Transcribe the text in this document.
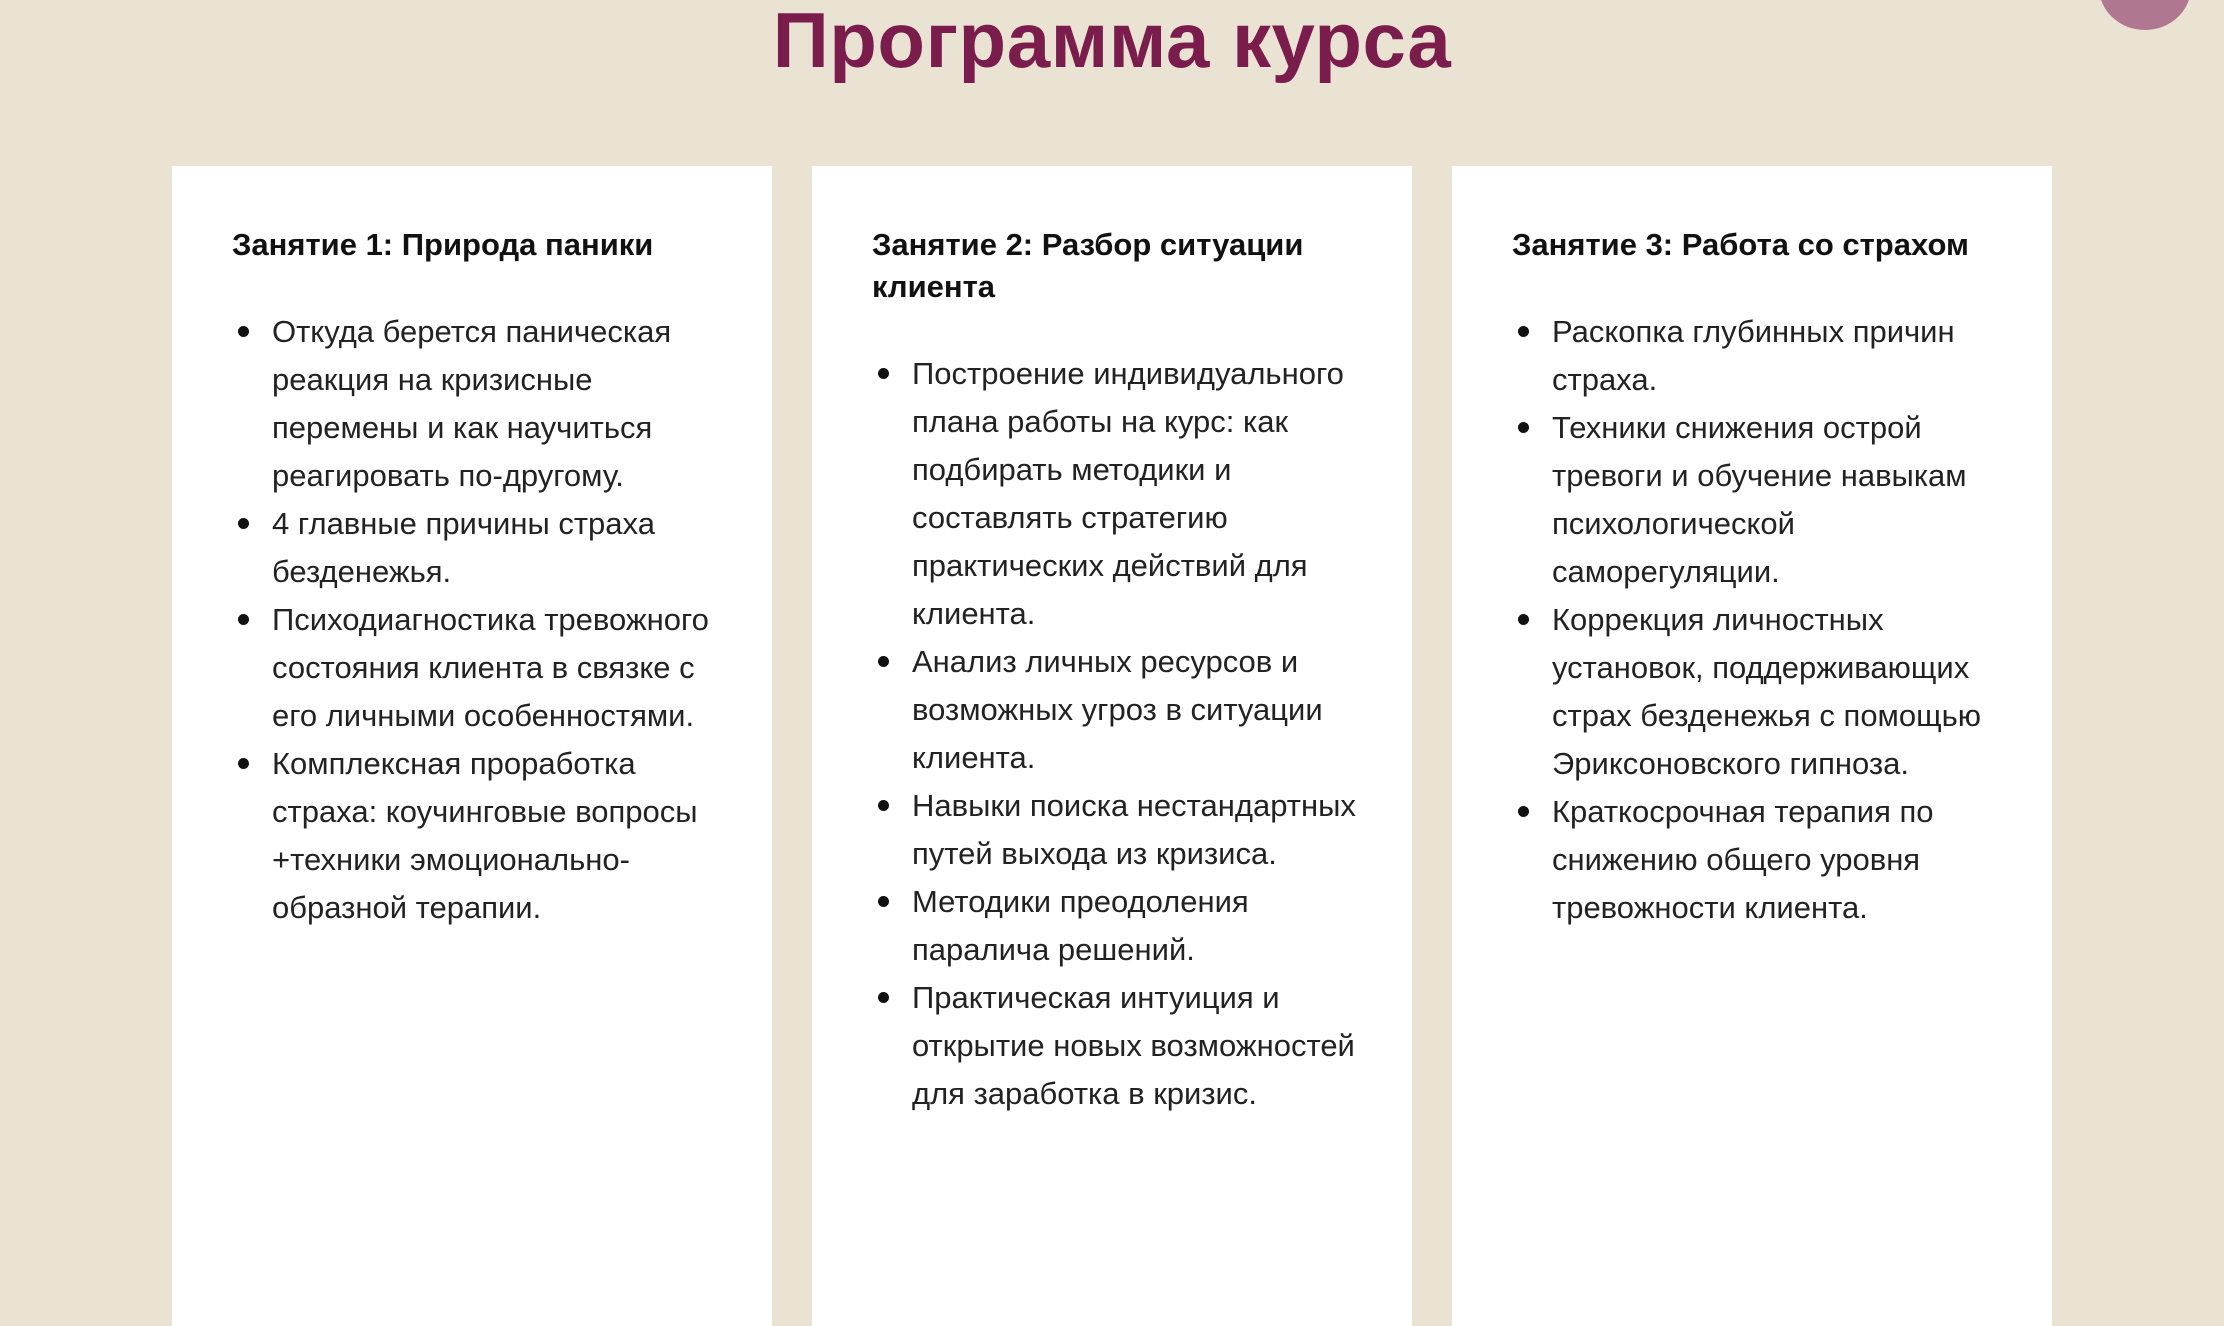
Программа курса
Занятие 1: Природа паники
Откуда берется паническая реакция на кризисные перемены и как научиться реагировать по-другому.
4 главные причины страха безденежья.
Психодиагностика тревожного состояния клиента в связке с его личными особенностями.
Комплексная проработка страха: коучинговые вопросы +техники эмоционально-образной терапии.
Занятие 2: Разбор ситуации клиента
Построение индивидуального плана работы на курс: как подбирать методики и составлять стратегию практических действий для клиента.
Анализ личных ресурсов и возможных угроз в ситуации клиента.
Навыки поиска нестандартных путей выхода из кризиса.
Методики преодоления паралича решений.
Практическая интуиция и открытие новых возможностей для заработка в кризис.
Занятие 3: Работа со страхом
Раскопка глубинных причин страха.
Техники снижения острой тревоги и обучение навыкам психологической саморегуляции.
Коррекция личностных установок, поддерживающих страх безденежья с помощью Эриксоновского гипноза.
Краткосрочная терапия по снижению общего уровня тревожности клиента.
